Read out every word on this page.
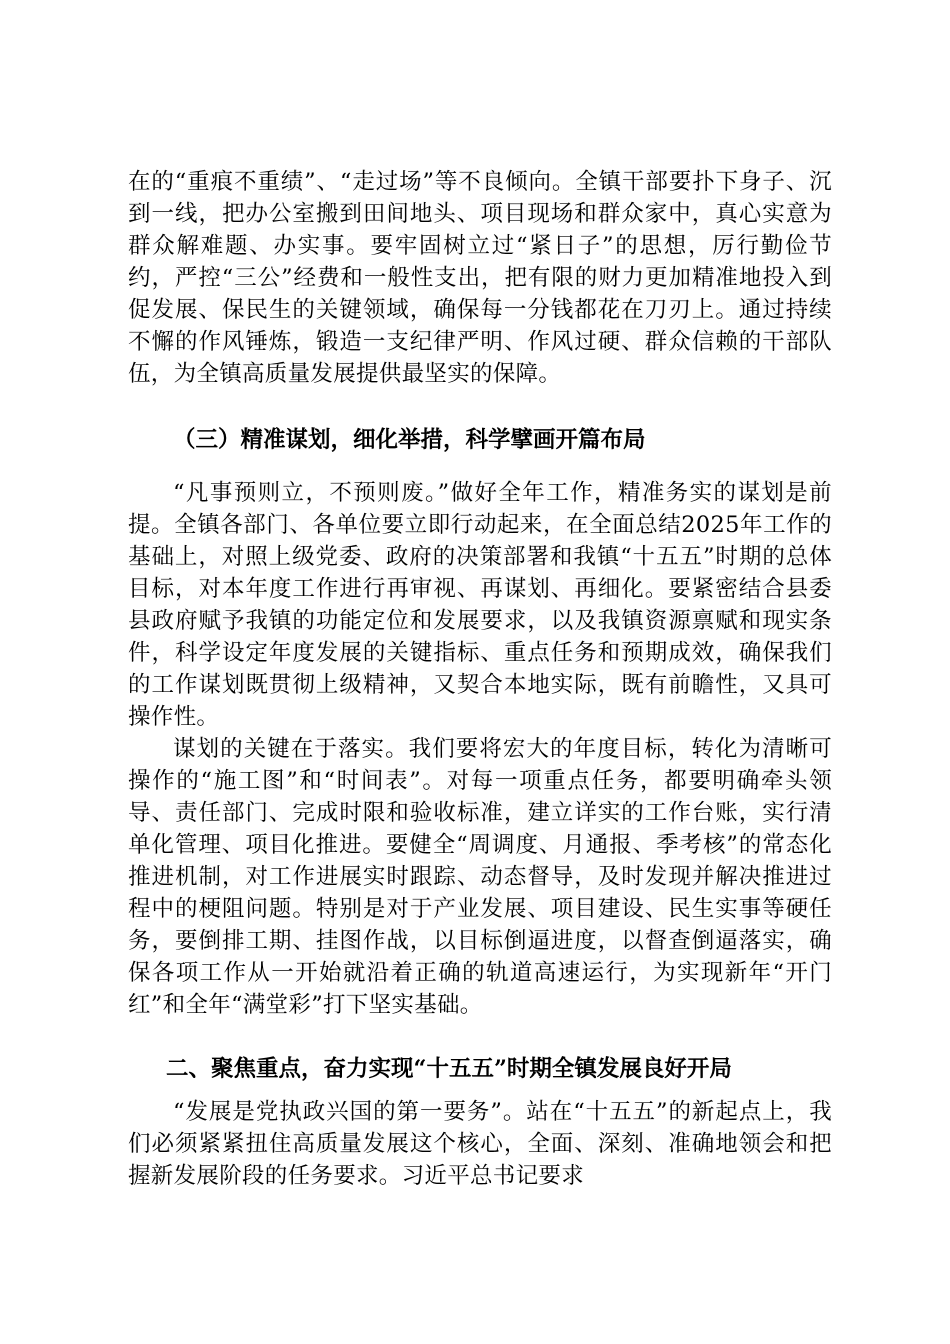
在的“重痕不重绩”、“走过场”等不良倾向。全镇干部要扑下身子、沉到一线，把办公室搬到田间地头、项目现场和群众家中，真心实意为群众解难题、办实事。要牢固树立过“紧日子”的思想，厉行勤俭节约，严控“三公”经费和一般性支出，把有限的财力更加精准地投入到促发展、保民生的关键领域，确保每一分钱都花在刀刃上。通过持续不懈的作风锤炼，锻造一支纪律严明、作风过硬、群众信赖的干部队伍，为全镇高质量发展提供最坚实的保障。

（三）精准谋划，细化举措，科学擘画开篇布局

“凡事预则立，不预则废。”做好全年工作，精准务实的谋划是前提。全镇各部门、各单位要立即行动起来，在全面总结2025年工作的基础上，对照上级党委、政府的决策部署和我镇“十五五”时期的总体目标，对本年度工作进行再审视、再谋划、再细化。要紧密结合县委县政府赋予我镇的功能定位和发展要求，以及我镇资源禀赋和现实条件，科学设定年度发展的关键指标、重点任务和预期成效，确保我们的工作谋划既贯彻上级精神，又契合本地实际，既有前瞻性，又具可操作性。

谋划的关键在于落实。我们要将宏大的年度目标，转化为清晰可操作的“施工图”和“时间表”。对每一项重点任务，都要明确牵头领导、责任部门、完成时限和验收标准，建立详实的工作台账，实行清单化管理、项目化推进。要健全“周调度、月通报、季考核”的常态化推进机制，对工作进展实时跟踪、动态督导，及时发现并解决推进过程中的梗阻问题。特别是对于产业发展、项目建设、民生实事等硬任务，要倒排工期、挂图作战，以目标倒逼进度，以督查倒逼落实，确保各项工作从一开始就沿着正确的轨道高速运行，为实现新年“开门红”和全年“满堂彩”打下坚实基础。

二、聚焦重点，奋力实现“十五五”时期全镇发展良好开局

“发展是党执政兴国的第一要务”。站在“十五五”的新起点上，我们必须紧紧扭住高质量发展这个核心，全面、深刻、准确地领会和把握新发展阶段的任务要求。习近平总书记要求
